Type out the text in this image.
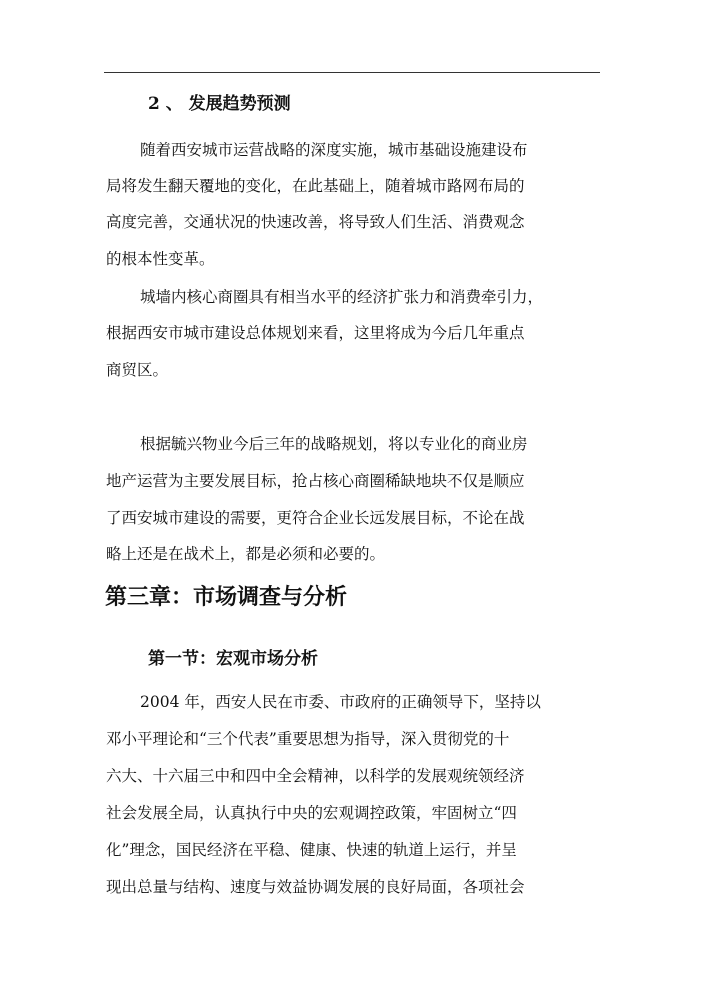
2 、 发展趋势预测

随着西安城市运营战略的深度实施，城市基础设施建设布

局将发生翻天覆地的变化，在此基础上，随着城市路网布局的

高度完善，交通状况的快速改善，将导致人们生活、消费观念

的根本性变革。

城墙内核心商圈具有相当水平的经济扩张力和消费牵引力，

根据西安市城市建设总体规划来看，这里将成为今后几年重点

商贸区。

根据毓兴物业今后三年的战略规划，将以专业化的商业房

地产运营为主要发展目标，抢占核心商圈稀缺地块不仅是顺应

了西安城市建设的需要，更符合企业长远发展目标，不论在战

略上还是在战术上，都是必须和必要的。

第三章：市场调查与分析
第一节：宏观市场分析

2004 年，西安人民在市委、市政府的正确领导下，坚持以

邓小平理论和“三个代表”重要思想为指导，深入贯彻党的十

六大、十六届三中和四中全会精神，以科学的发展观统领经济

社会发展全局，认真执行中央的宏观调控政策，牢固树立“四

化”理念，国民经济在平稳、健康、快速的轨道上运行，并呈

现出总量与结构、速度与效益协调发展的良好局面，各项社会
